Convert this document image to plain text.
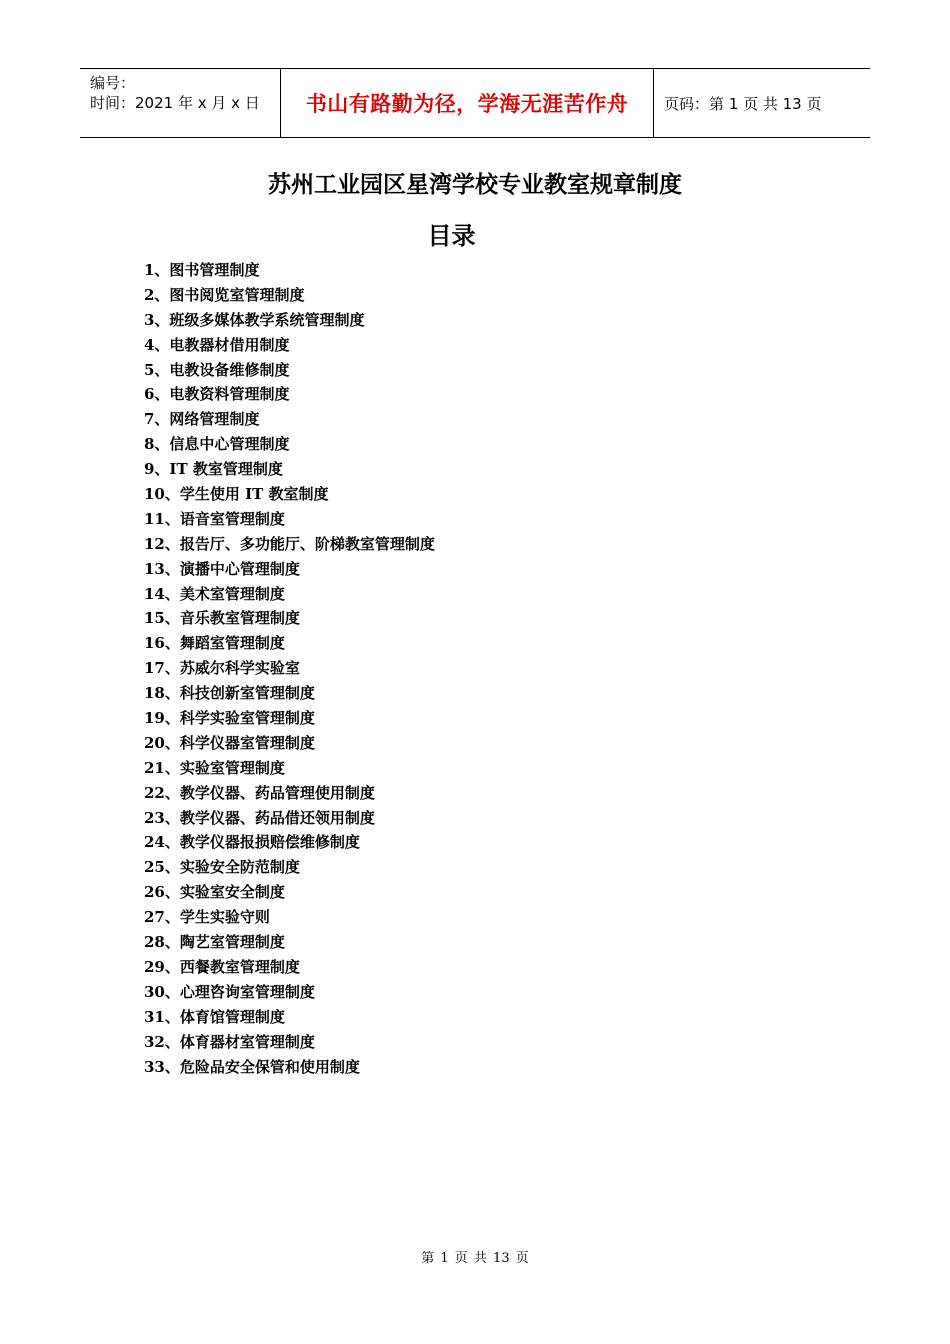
编号：
时间：2021 年 x 月 x 日	书山有路勤为径，学海无涯苦作舟 页码：第 1 页 共 13 页
苏州工业园区星湾学校专业教室规章制度
目录
1、图书管理制度
2、图书阅览室管理制度
3、班级多媒体教学系统管理制度
4、电教器材借用制度
5、电教设备维修制度
6、电教资料管理制度
7、网络管理制度
8、信息中心管理制度
9、IT 教室管理制度
10、学生使用 IT 教室制度
11、语音室管理制度
12、报告厅、多功能厅、阶梯教室管理制度
13、演播中心管理制度
14、美术室管理制度
15、音乐教室管理制度
16、舞蹈室管理制度
17、苏威尔科学实验室
18、科技创新室管理制度
19、科学实验室管理制度
20、科学仪器室管理制度
21、实验室管理制度
22、教学仪器、药品管理使用制度
23、教学仪器、药品借还领用制度
24、教学仪器报损赔偿维修制度
25、实验安全防范制度
26、实验室安全制度
27、学生实验守则
28、陶艺室管理制度
29、西餐教室管理制度
30、心理咨询室管理制度
31、体育馆管理制度
32、体育器材室管理制度
33、危险品安全保管和使用制度
第 1 页 共 13 页
